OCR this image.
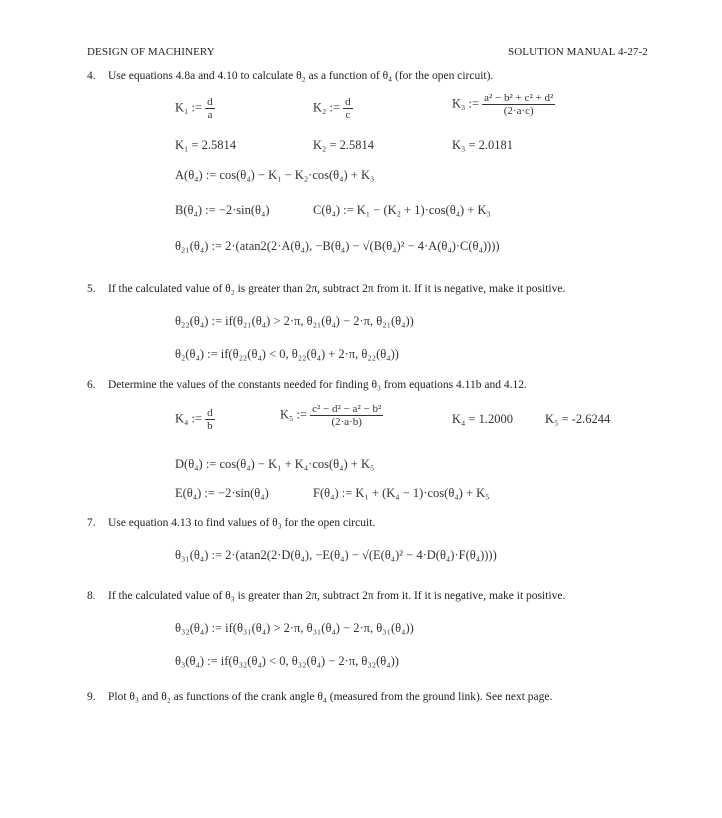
DESIGN OF MACHINERY	SOLUTION MANUAL 4-27-2
4. Use equations 4.8a and 4.10 to calculate θ₂ as a function of θ₄ (for the open circuit).
K₁ := $\frac{d}{a}$	K₂ := $\frac{d}{c}$	K₃ := $\frac{\text{a² − b² + c² + d²}}{(2\cdot a\cdot c)}$
K₁ = 2.5814	K₂ = 2.5814	K₃ = 2.0181
A(θ₄) := cos(θ₄) − K₁ − K₂·cos(θ₄) + K₃
B(θ₄) := −2·sin(θ₄)	C(θ₄) := K₁ − (K₂ + 1)·cos(θ₄) + K₃
θ₂₁(θ₄) := 2·(atan2(2·A(θ₄), −B(θ₄) − √(B(θ₄)² − 4·A(θ₄)·C(θ₄))))
5. If the calculated value of θ₂ is greater than 2π, subtract 2π from it. If it is negative, make it positive.
θ₂₂(θ₄) := if(θ₂₁(θ₄) > 2·π, θ₂₁(θ₄) − 2·π, θ₂₁(θ₄))
θ₂(θ₄) := if(θ₂₂(θ₄) < 0, θ₂₂(θ₄) + 2·π, θ₂₂(θ₄))
6. Determine the values of the constants needed for finding θ₃ from equations 4.11b and 4.12.
K₄ := $\frac{d}{b}$	K₅ := $\frac{\text{c² − d² − a² − b²}}{(2\cdot a\cdot b)}$	K₄ = 1.2000	K₅ = -2.6244
D(θ₄) := cos(θ₄) − K₁ + K₄·cos(θ₄) + K₅
E(θ₄) := −2·sin(θ₄)	F(θ₄) := K₁ + (K₄ − 1)·cos(θ₄) + K₅
7. Use equation 4.13 to find values of θ₃ for the open circuit.
θ₃₁(θ₄) := 2·(atan2(2·D(θ₄), −E(θ₄) − √(E(θ₄)² − 4·D(θ₄)·F(θ₄))))
8. If the calculated value of θ₃ is greater than 2π, subtract 2π from it. If it is negative, make it positive.
θ₃₂(θ₄) := if(θ₃₁(θ₄) > 2·π, θ₃₁(θ₄) − 2·π, θ₃₁(θ₄))
θ₃(θ₄) := if(θ₃₂(θ₄) < 0, θ₃₂(θ₄) − 2·π, θ₃₂(θ₄))
9. Plot θ₃ and θ₂ as functions of the crank angle θ₄ (measured from the ground link). See next page.
